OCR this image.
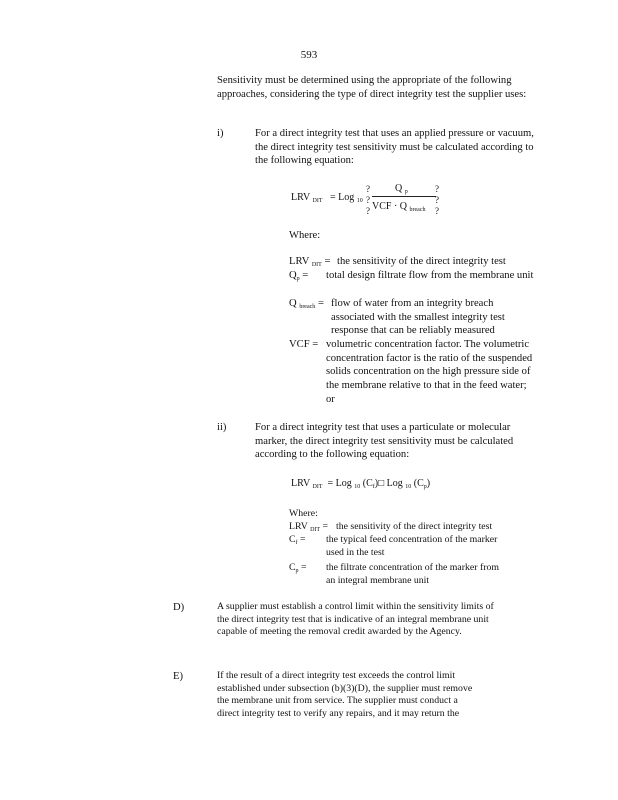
593
Sensitivity must be determined using the appropriate of the following approaches, considering the type of direct integrity test the supplier uses:
i)	For a direct integrity test that uses an applied pressure or vacuum, the direct integrity test sensitivity must be calculated according to the following equation:
LRV $_{DIT}$ = Log $_{10}$
?
?
?
Q $_p$
VCF · Q $_{breach}$
?
?
?
Where:
LRV $_{DIT}$ = the sensitivity of the direct integrity test
$Q_p$ = total design filtrate flow from the membrane unit
Q $_{breach}$ = flow of water from an integrity breach associated with the smallest integrity test response that can be reliably measured
VCF = volumetric concentration factor. The volumetric concentration factor is the ratio of the suspended solids concentration on the high pressure side of the membrane relative to that in the feed water; or
ii)	For a direct integrity test that uses a particulate or molecular marker, the direct integrity test sensitivity must be calculated according to the following equation:
LRV $_{DIT}$ = Log $_{10}$ $(C_f)□$ Log $_{10}$ $(C_p)$
Where:
LRV $_{DIT}$ = the sensitivity of the direct integrity test
$C_f$ = the typical feed concentration of the marker used in the test
$C_p$ = the filtrate concentration of the marker from an integral membrane unit
D)	A supplier must establish a control limit within the sensitivity limits of the direct integrity test that is indicative of an integral membrane unit capable of meeting the removal credit awarded by the Agency.
E)	If the result of a direct integrity test exceeds the control limit established under subsection (b)(3)(D), the supplier must remove the membrane unit from service. The supplier must conduct a direct integrity test to verify any repairs, and it may return the
